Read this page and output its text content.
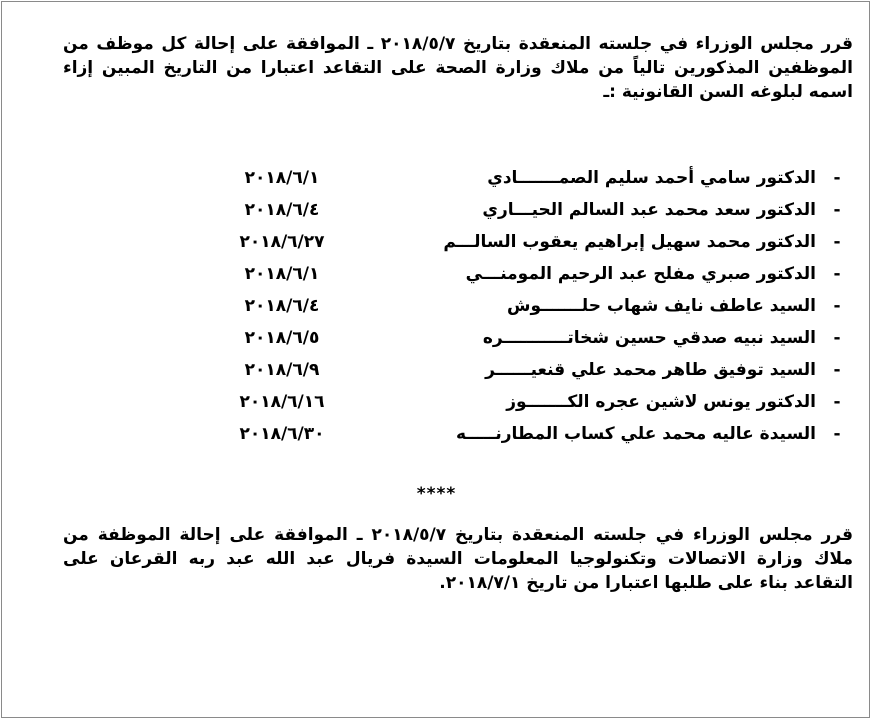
قرر مجلس الوزراء في جلسته المنعقدة بتاريخ ٢٠١٨/٥/٧ ـ الموافقة على إحالة كل موظف من الموظفين المذكورين تالياً من ملاك وزارة الصحة على التقاعد اعتبارا من التاريخ المبين إزاء اسمه لبلوغه السن القانونية :ـ

-
الدكتور سامي أحمد سليم الصمـــــــادي
٢٠١٨/٦/١
-
الدكتور سعد محمد عبد السالم الحيـــاري
٢٠١٨/٦/٤
-
الدكتور محمد سهيل إبراهيم يعقوب السالـــم
٢٠١٨/٦/٢٧
-
الدكتور صبري مفلح عبد الرحيم المومنـــي
٢٠١٨/٦/١
-
السيد عاطف نايف شهاب حلـــــــوش
٢٠١٨/٦/٤
-
السيد نبيه صدقي حسين شخاتـــــــــــره
٢٠١٨/٦/٥
-
السيد توفيق طاهر محمد علي قنعيــــــر
٢٠١٨/٦/٩
-
الدكتور يونس لاشين عجره الكـــــــوز
٢٠١٨/٦/١٦
-
السيدة عاليه محمد علي كساب المطارنـــــه
٢٠١٨/٦/٣٠

****

قرر مجلس الوزراء في جلسته المنعقدة بتاريخ ٢٠١٨/٥/٧ ـ الموافقة على إحالة الموظفة من ملاك وزارة الاتصالات وتكنولوجيا المعلومات السيدة فريال عبد الله عبد ربه القرعان على التقاعد بناء على طلبها اعتبارا من تاريخ ٢٠١٨/٧/١.
